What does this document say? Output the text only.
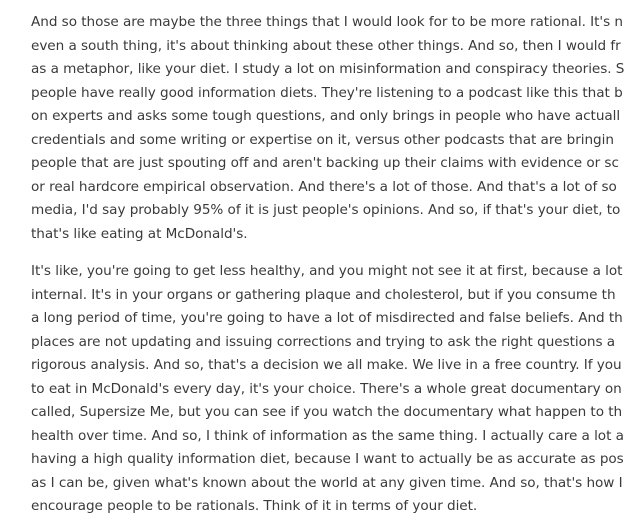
And so those are maybe the three things that I would look for to be more rational. It's n
even a south thing, it's about thinking about these other things. And so, then I would fr
as a metaphor, like your diet. I study a lot on misinformation and conspiracy theories. S
people have really good information diets. They're listening to a podcast like this that b
on experts and asks some tough questions, and only brings in people who have actuall
credentials and some writing or expertise on it, versus other podcasts that are bringin
people that are just spouting off and aren't backing up their claims with evidence or sc
or real hardcore empirical observation. And there's a lot of those. And that's a lot of so
media, I'd say probably 95% of it is just people's opinions. And so, if that's your diet, to
that's like eating at McDonald's.
It's like, you're going to get less healthy, and you might not see it at first, because a lot
internal. It's in your organs or gathering plaque and cholesterol, but if you consume th
a long period of time, you're going to have a lot of misdirected and false beliefs. And th
places are not updating and issuing corrections and trying to ask the right questions a
rigorous analysis. And so, that's a decision we all make. We live in a free country. If you
to eat in McDonald's every day, it's your choice. There's a whole great documentary on
called, Supersize Me, but you can see if you watch the documentary what happen to th
health over time. And so, I think of information as the same thing. I actually care a lot a
having a high quality information diet, because I want to actually be as accurate as pos
as I can be, given what's known about the world at any given time. And so, that's how I
encourage people to be rationals. Think of it in terms of your diet.
